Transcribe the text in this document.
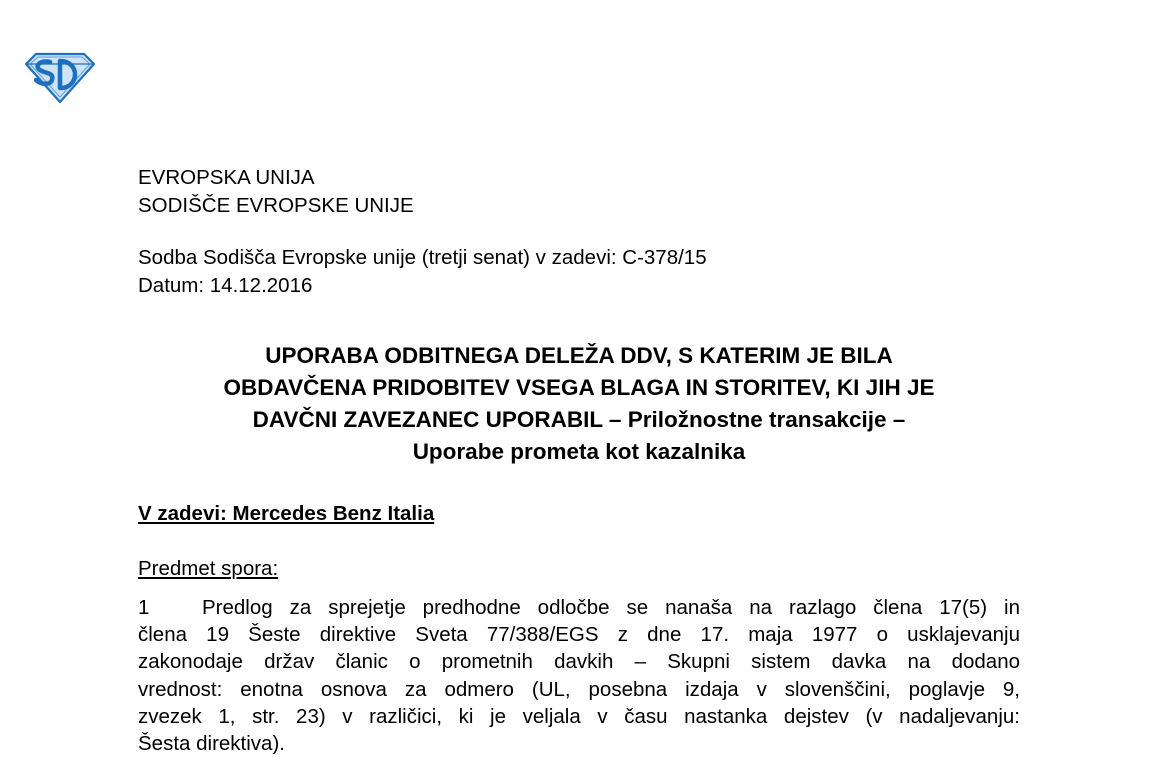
EVROPSKA UNIJA

SODIŠČE EVROPSKE UNIJE

Sodba Sodišča Evropske unije (tretji senat) v zadevi: C-378/15

Datum: 14.12.2016

UPORABA ODBITNEGA DELEŽA DDV, S KATERIM JE BILA
OBDAVČENA PRIDOBITEV VSEGA BLAGA IN STORITEV, KI JIH JE
DAVČNI ZAVEZANEC UPORABIL – Priložnostne transakcije –
Uporabe prometa kot kazalnika

V zadevi: Mercedes Benz Italia

Predmet spora:

1	Predlog za sprejetje predhodne odločbe se nanaša na razlago člena 17(5) in
člena 19 Šeste direktive Sveta 77/388/EGS z dne 17. maja 1977 o usklajevanju
zakonodaje držav članic o prometnih davkih – Skupni sistem davka na dodano
vrednost: enotna osnova za odmero (UL, posebna izdaja v slovenščini, poglavje 9,
zvezek 1, str. 23) v različici, ki je veljala v času nastanka dejstev (v nadaljevanju:
Šesta direktiva).
